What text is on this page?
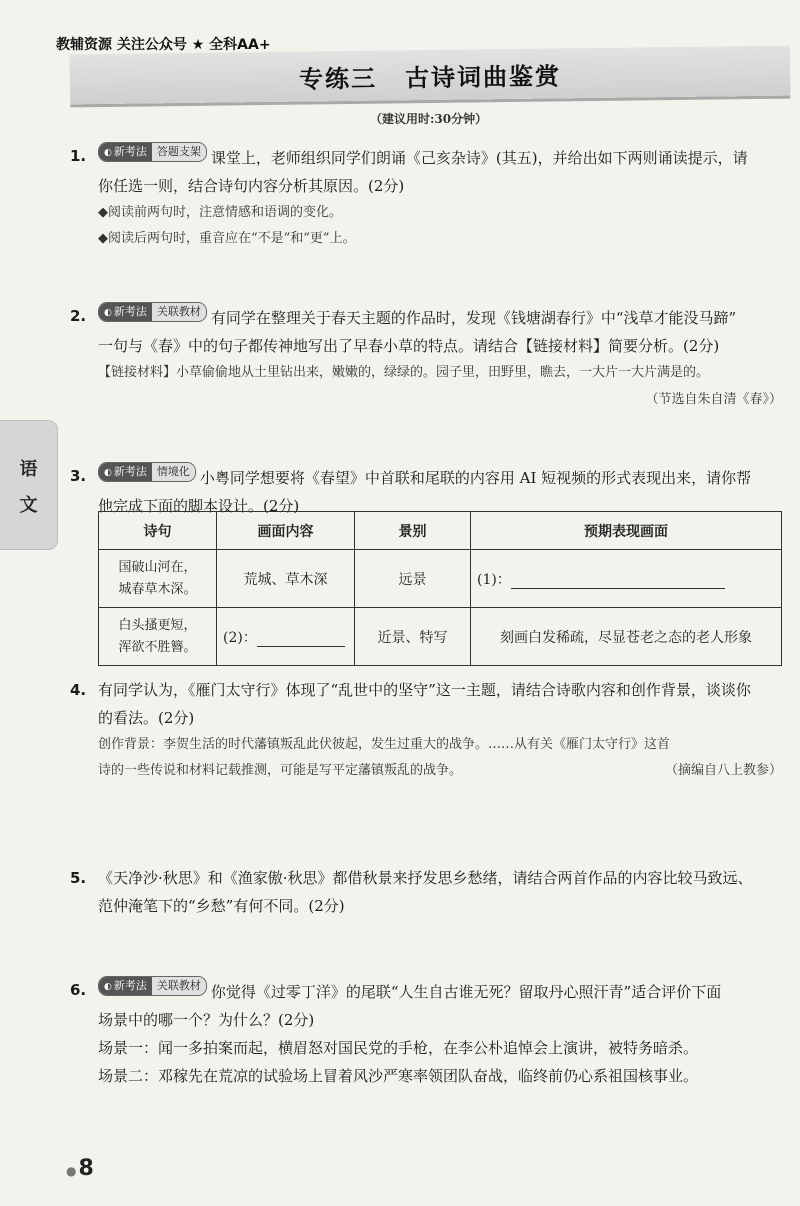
教辅资源 关注公众号 ★ 全科AA+
专练三 古诗词曲鉴赏
（建议用时:30分钟）
语
文
1.	◐ 新考法 答题支架 课堂上，老师组织同学们朗诵《己亥杂诗》(其五)，并给出如下两则诵读提示，请
你任选一则，结合诗句内容分析其原因。(2分)
◆阅读前两句时，注意情感和语调的变化。
◆阅读后两句时，重音应在“不是”和“更”上。
2.	◐ 新考法 关联教材 有同学在整理关于春天主题的作品时，发现《钱塘湖春行》中“浅草才能没马蹄”
一句与《春》中的句子都传神地写出了早春小草的特点。请结合【链接材料】简要分析。(2分)
【链接材料】小草偷偷地从土里钻出来，嫩嫩的，绿绿的。园子里，田野里，瞧去，一大片一大片满是的。
（节选自朱自清《春》）
3.	◐ 新考法 情境化 小粤同学想要将《春望》中首联和尾联的内容用 AI 短视频的形式表现出来，请你帮
他完成下面的脚本设计。(2分)
诗句	画面内容	景别	预期表现画面

国破山河在，
城春草木深。	荒城、草木深	远景	(1)：

白头搔更短，
浑欲不胜簪。	(2)：	近景、特写	刻画白发稀疏，尽显苍老之态的老人形象
4. 有同学认为，《雁门太守行》体现了“乱世中的坚守”这一主题，请结合诗歌内容和创作背景，谈谈你
的看法。(2分)
创作背景：李贺生活的时代藩镇叛乱此伏彼起，发生过重大的战争。……从有关《雁门太守行》这首
诗的一些传说和材料记载推测，可能是写平定藩镇叛乱的战争。	（摘编自八上教参）
5. 《天净沙·秋思》和《渔家傲·秋思》都借秋景来抒发思乡愁绪，请结合两首作品的内容比较马致远、
范仲淹笔下的“乡愁”有何不同。(2分)
6.	◐ 新考法 关联教材 你觉得《过零丁洋》的尾联“人生自古谁无死？留取丹心照汗青”适合评价下面
场景中的哪一个？为什么？(2分)
场景一：闻一多拍案而起，横眉怒对国民党的手枪，在李公朴追悼会上演讲，被特务暗杀。
场景二：邓稼先在荒凉的试验场上冒着风沙严寒率领团队奋战，临终前仍心系祖国核事业。
●8
